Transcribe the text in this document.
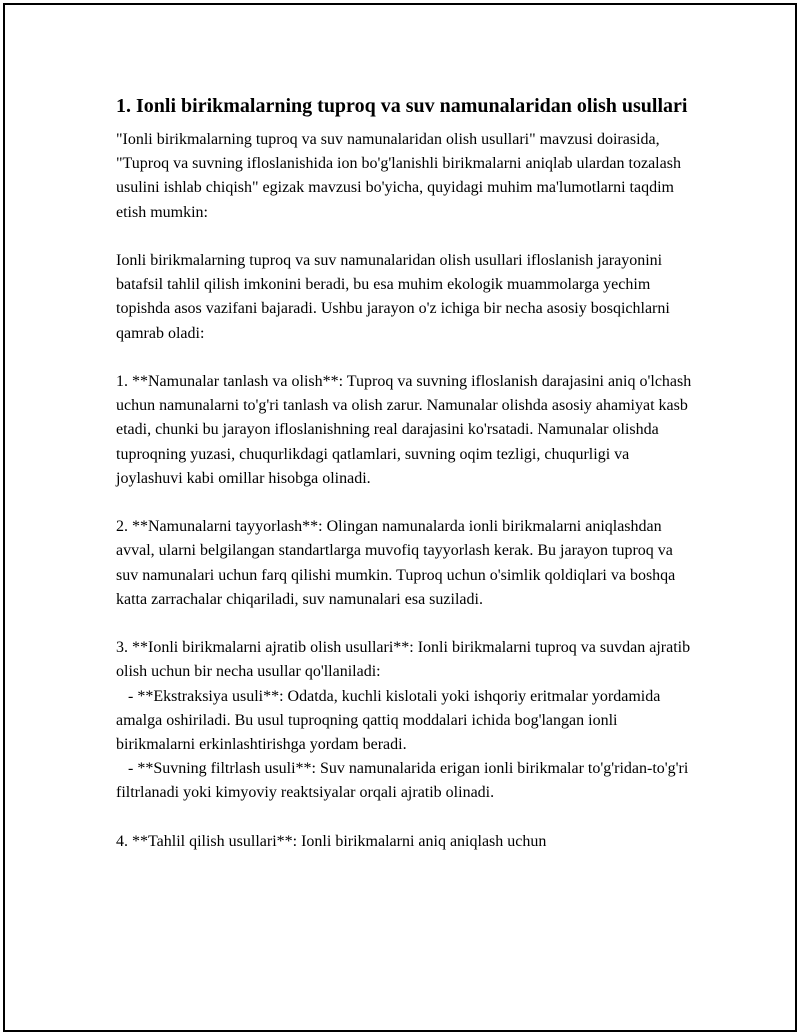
1. Ionli birikmalarning tuproq va suv namunalaridan olish usullari
"Ionli birikmalarning tuproq va suv namunalaridan olish usullari" mavzusi doirasida, "Tuproq va suvning ifloslanishida ion bo'g'lanishli birikmalarni aniqlab ulardan tozalash usulini ishlab chiqish" egizak mavzusi bo'yicha, quyidagi muhim ma'lumotlarni taqdim etish mumkin:
Ionli birikmalarning tuproq va suv namunalaridan olish usullari ifloslanish jarayonini batafsil tahlil qilish imkonini beradi, bu esa muhim ekologik muammolarga yechim topishda asos vazifani bajaradi. Ushbu jarayon o'z ichiga bir necha asosiy bosqichlarni qamrab oladi:
1. **Namunalar tanlash va olish**: Tuproq va suvning ifloslanish darajasini aniq o'lchash uchun namunalarni to'g'ri tanlash va olish zarur. Namunalar olishda asosiy ahamiyat kasb etadi, chunki bu jarayon ifloslanishning real darajasini ko'rsatadi. Namunalar olishda tuproqning yuzasi, chuqurlikdagi qatlamlari, suvning oqim tezligi, chuqurligi va joylashuvi kabi omillar hisobga olinadi.
2. **Namunalarni tayyorlash**: Olingan namunalarda ionli birikmalarni aniqlashdan avval, ularni belgilangan standartlarga muvofiq tayyorlash kerak. Bu jarayon tuproq va suv namunalari uchun farq qilishi mumkin. Tuproq uchun o'simlik qoldiqlari va boshqa katta zarrachalar chiqariladi, suv namunalari esa suziladi.
3. **Ionli birikmalarni ajratib olish usullari**: Ionli birikmalarni tuproq va suvdan ajratib olish uchun bir necha usullar qo'llaniladi:
- **Ekstraksiya usuli**: Odatda, kuchli kislotali yoki ishqoriy eritmalar yordamida amalga oshiriladi. Bu usul tuproqning qattiq moddalari ichida bog'langan ionli birikmalarni erkinlashtirishga yordam beradi.
- **Suvning filtrlash usuli**: Suv namunalarida erigan ionli birikmalar to'g'ridan-to'g'ri filtrlanadi yoki kimyoviy reaktsiyalar orqali ajratib olinadi.
4. **Tahlil qilish usullari**: Ionli birikmalarni aniq aniqlash uchun
